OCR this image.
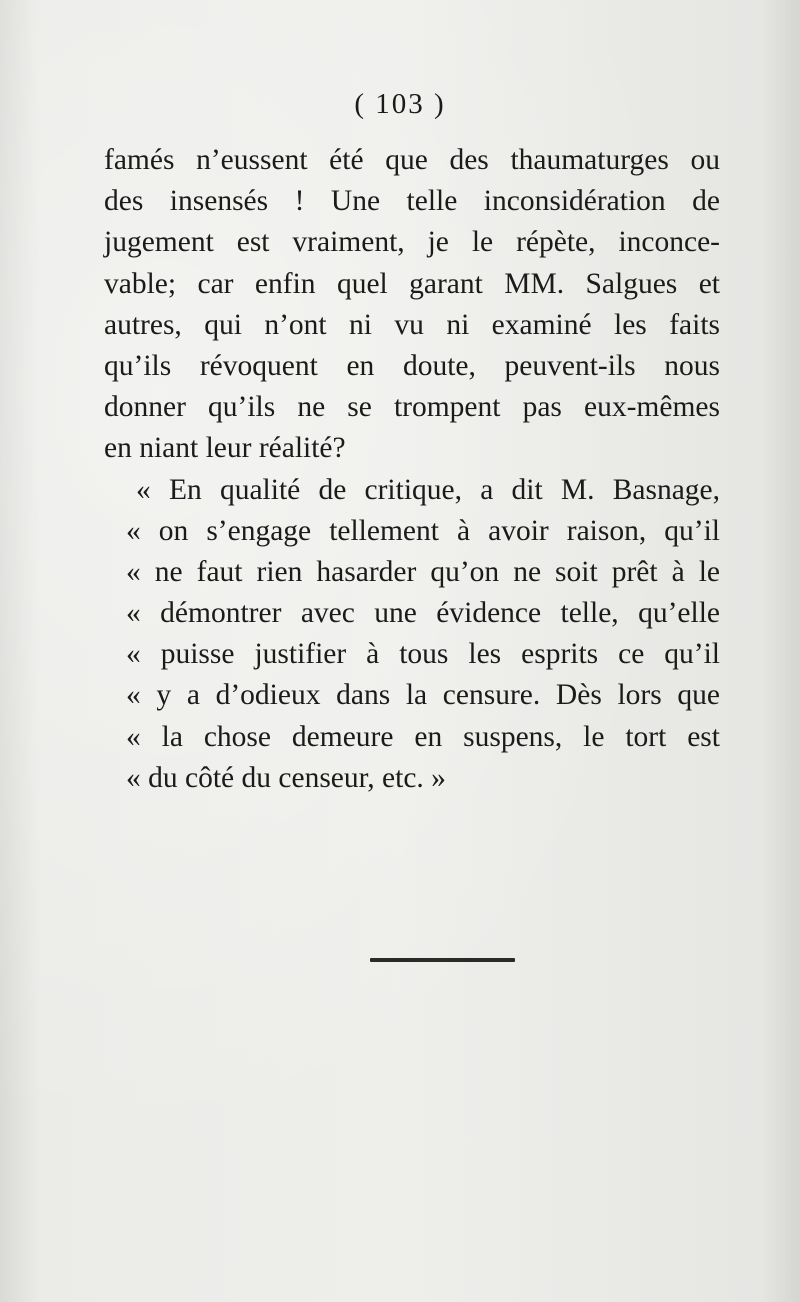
( 103 )
famés n’eussent été que des thaumaturges ou
des insensés ! Une telle inconsidération de
jugement est vraiment, je le répète, inconce-
vable; car enfin quel garant MM. Salgues et
autres, qui n’ont ni vu ni examiné les faits
qu’ils révoquent en doute, peuvent-ils nous
donner qu’ils ne se trompent pas eux-mêmes
en niant leur réalité?
« En qualité de critique, a dit M. Basnage,
« on s’engage tellement à avoir raison, qu’il
« ne faut rien hasarder qu’on ne soit prêt à le
« démontrer avec une évidence telle, qu’elle
« puisse justifier à tous les esprits ce qu’il
« y a d’odieux dans la censure. Dès lors que
« la chose demeure en suspens, le tort est
« du côté du censeur, etc. »
